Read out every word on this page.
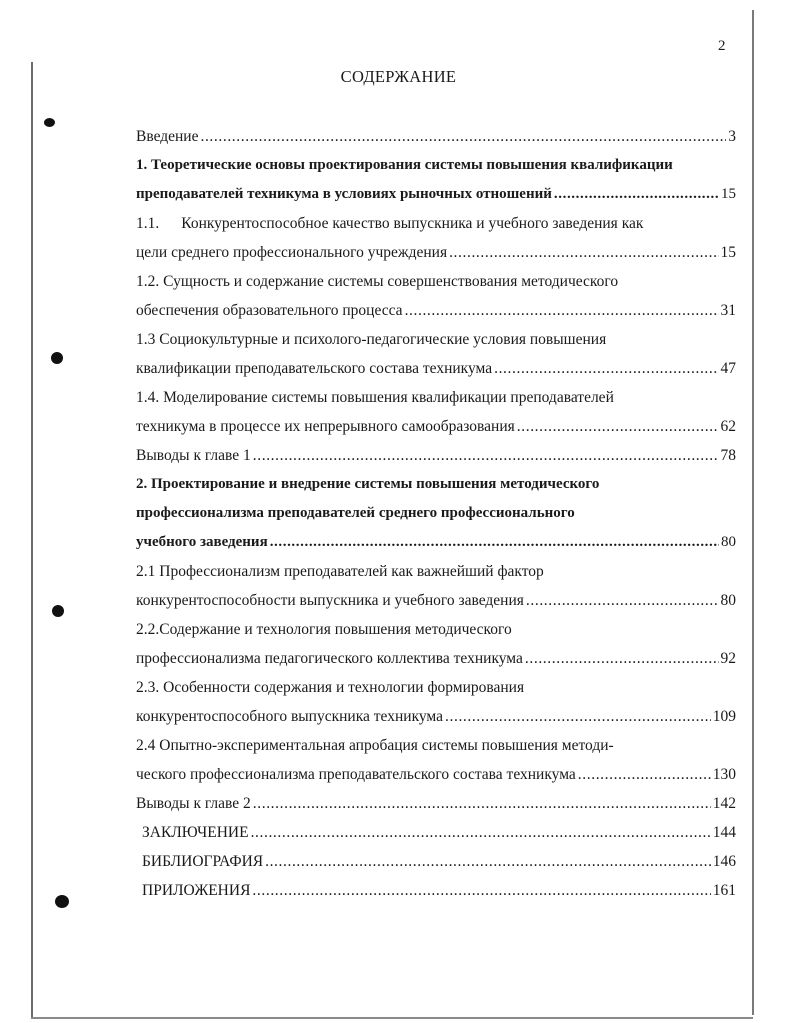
2
СОДЕРЖАНИЕ
Введение .....	3
1. Теоретические основы проектирования системы повышения квалификации
преподавателей техникума в условиях рыночных отношений .....	15
1.1. Конкурентоспособное качество выпускника и учебного заведения как
цели среднего профессионального учреждения .....	15
1.2. Сущность и содержание системы совершенствования методического
обеспечения образовательного процесса .....	31
1.3 Социокультурные и психолого-педагогические условия повышения
квалификации преподавательского состава техникума .....	47
1.4. Моделирование системы повышения квалификации преподавателей
техникума в процессе их непрерывного самообразования .....	62
Выводы к главе 1 .....	78
2. Проектирование и внедрение системы повышения методического
профессионализма преподавателей среднего профессионального
учебного заведения .....	80
2.1 Профессионализм преподавателей как важнейший фактор
конкурентоспособности выпускника и учебного заведения .....	80
2.2.Содержание и технология повышения методического
профессионализма педагогического коллектива техникума .....	92
2.3. Особенности содержания и технологии формирования
конкурентоспособного выпускника техникума .....	109
2.4 Опытно-экспериментальная апробация системы повышения методи-
ческого профессионализма преподавательского состава техникума .....	130
Выводы к главе 2 .....	142
ЗАКЛЮЧЕНИЕ .....	144
БИБЛИОГРАФИЯ .....	146
ПРИЛОЖЕНИЯ .....	161
